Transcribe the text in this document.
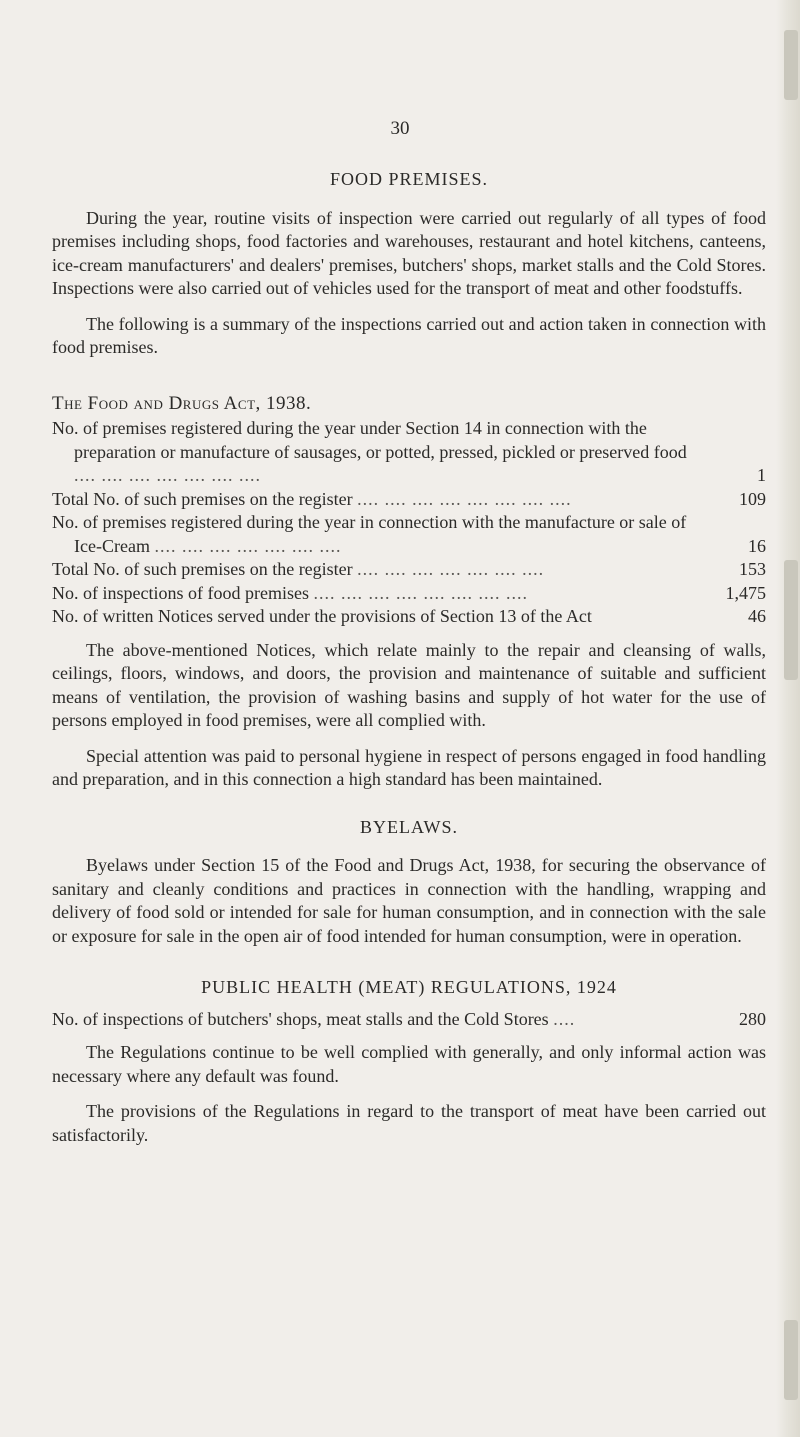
30
FOOD PREMISES.

During the year, routine visits of inspection were carried out regularly of all types of food premises including shops, food factories and warehouses, restaurant and hotel kitchens, canteens, ice-cream manufacturers' and dealers' premises, butchers' shops, market stalls and the Cold Stores. Inspections were also carried out of vehicles used for the transport of meat and other foodstuffs.

The following is a summary of the inspections carried out and action taken in connection with food premises.

The Food and Drugs Act, 1938.
No. of premises registered during the year under Section 14 in connection with the preparation or manufacture of sausages, or potted, pressed, pickled or preserved food .... .... .... .... .... .... ....	1
Total No. of such premises on the register .... .... .... .... .... .... .... ....	109
No. of premises registered during the year in connection with the manufacture or sale of Ice-Cream .... .... .... .... .... .... ....	16
Total No. of such premises on the register .... .... .... .... .... .... ....	153
No. of inspections of food premises .... .... .... .... .... .... .... ....	1,475
No. of written Notices served under the provisions of Section 13 of the Act	46

The above-mentioned Notices, which relate mainly to the repair and cleansing of walls, ceilings, floors, windows, and doors, the provision and maintenance of suitable and sufficient means of ventilation, the provision of washing basins and supply of hot water for the use of persons employed in food premises, were all complied with.

Special attention was paid to personal hygiene in respect of persons engaged in food handling and preparation, and in this connection a high standard has been maintained.

BYELAWS.

Byelaws under Section 15 of the Food and Drugs Act, 1938, for securing the observance of sanitary and cleanly conditions and practices in connection with the handling, wrapping and delivery of food sold or intended for sale for human consumption, and in connection with the sale or exposure for sale in the open air of food intended for human consumption, were in operation.

PUBLIC HEALTH (MEAT) REGULATIONS, 1924
No. of inspections of butchers' shops, meat stalls and the Cold Stores ....	280

The Regulations continue to be well complied with generally, and only informal action was necessary where any default was found.

The provisions of the Regulations in regard to the transport of meat have been carried out satisfactorily.
